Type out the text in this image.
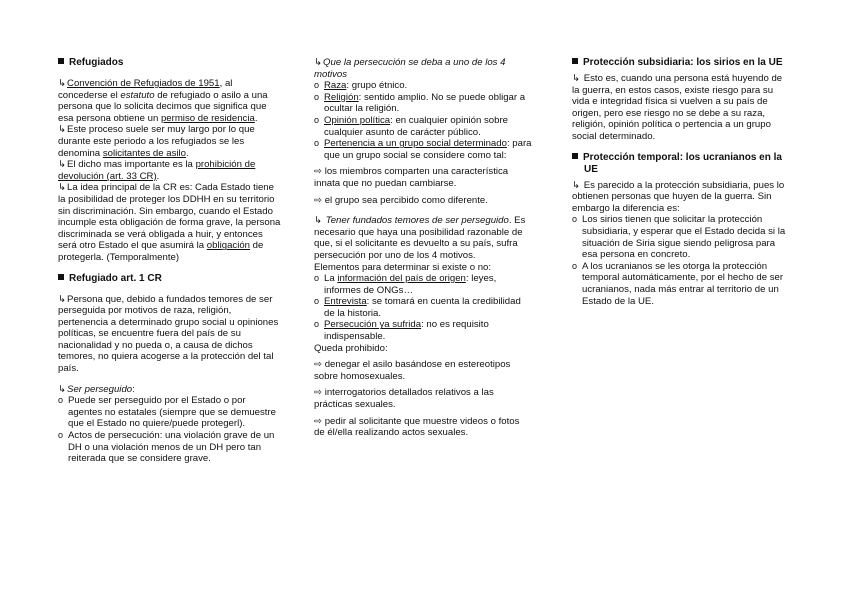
Refugiados

↳Convención de Refugiados de 1951, al concederse el estatuto de refugiado o asilo a una persona que lo solicita decimos que significa que esa persona obtiene un permiso de residencia.

↳Este proceso suele ser muy largo por lo que durante este periodo a los refugiados se les denomina solicitantes de asilo.

↳El dicho mas importante es la prohibición de devolución (art. 33 CR).

↳La idea principal de la CR es: Cada Estado tiene la posibilidad de proteger los DDHH en su territorio sin discriminación. Sin embargo, cuando el Estado incumple esta obligación de forma grave, la persona discriminada se verá obligada a huir, y entonces será otro Estado el que asumirá la obligación de protegerla. (Temporalmente)

Refugiado art. 1 CR

↳Persona que, debido a fundados temores de ser perseguida por motivos de raza, religión, pertenencia a determinado grupo social u opiniones políticas, se encuentre fuera del país de su nacionalidad y no pueda o, a causa de dichos temores, no quiera acogerse a la protección del tal país.

↳Ser perseguido:

o Puede ser perseguido por el Estado o por agentes no estatales (siempre que se demuestre que el Estado no quiere/puede protegerl).
o Actos de persecución: una violación grave de un DH o una violación menos de un DH pero tan reiterada que se considere grave.

↳Que la persecución se deba a uno de los 4 motivos

o Raza: grupo étnico.
o Religión: sentido amplio. No se puede obligar a ocultar la religión.
o Opinión política: en cualquier opinión sobre cualquier asunto de carácter público.
o Pertenencia a un grupo social determinado: para que un grupo social se considere como tal:

⇨ los miembros comparten una característica innata que no puedan cambiarse.

⇨ el grupo sea percibido como diferente.

↳ Tener fundados temores de ser perseguido. Es necesario que haya una posibilidad razonable de que, si el solicitante es devuelto a su país, sufra persecución por uno de los 4 motivos.

Elementos para determinar si existe o no:

o La información del país de origen: leyes, informes de ONGs…
o Entrevista: se tomará en cuenta la credibilidad de la historia.
o Persecución ya sufrida: no es requisito indispensable.

Queda prohibido:

⇨ denegar el asilo basándose en estereotipos sobre homosexuales.

⇨ interrogatorios detallados relativos a las prácticas sexuales.

⇨ pedir al solicitante que muestre videos o fotos de él/ella realizando actos sexuales.

Protección subsidiaria: los sirios en la UE

↳ Esto es, cuando una persona está huyendo de la guerra, en estos casos, existe riesgo para su vida e integridad física si vuelven a su país de origen, pero ese riesgo no se debe a su raza, religión, opinión política o pertencia a un grupo social determinado.

Protección temporal: los ucranianos en la UE

↳ Es parecido a la protección subsidiaria, pues lo obtienen personas que huyen de la guerra. Sin embargo la diferencia es:

o Los sirios tienen que solicitar la protección subsidiaria, y esperar que el Estado decida si la situación de Siria sigue siendo peligrosa para esa persona en concreto.
o A los ucranianos se les otorga la protección temporal automáticamente, por el hecho de ser ucranianos, nada más entrar al territorio de un Estado de la UE.
